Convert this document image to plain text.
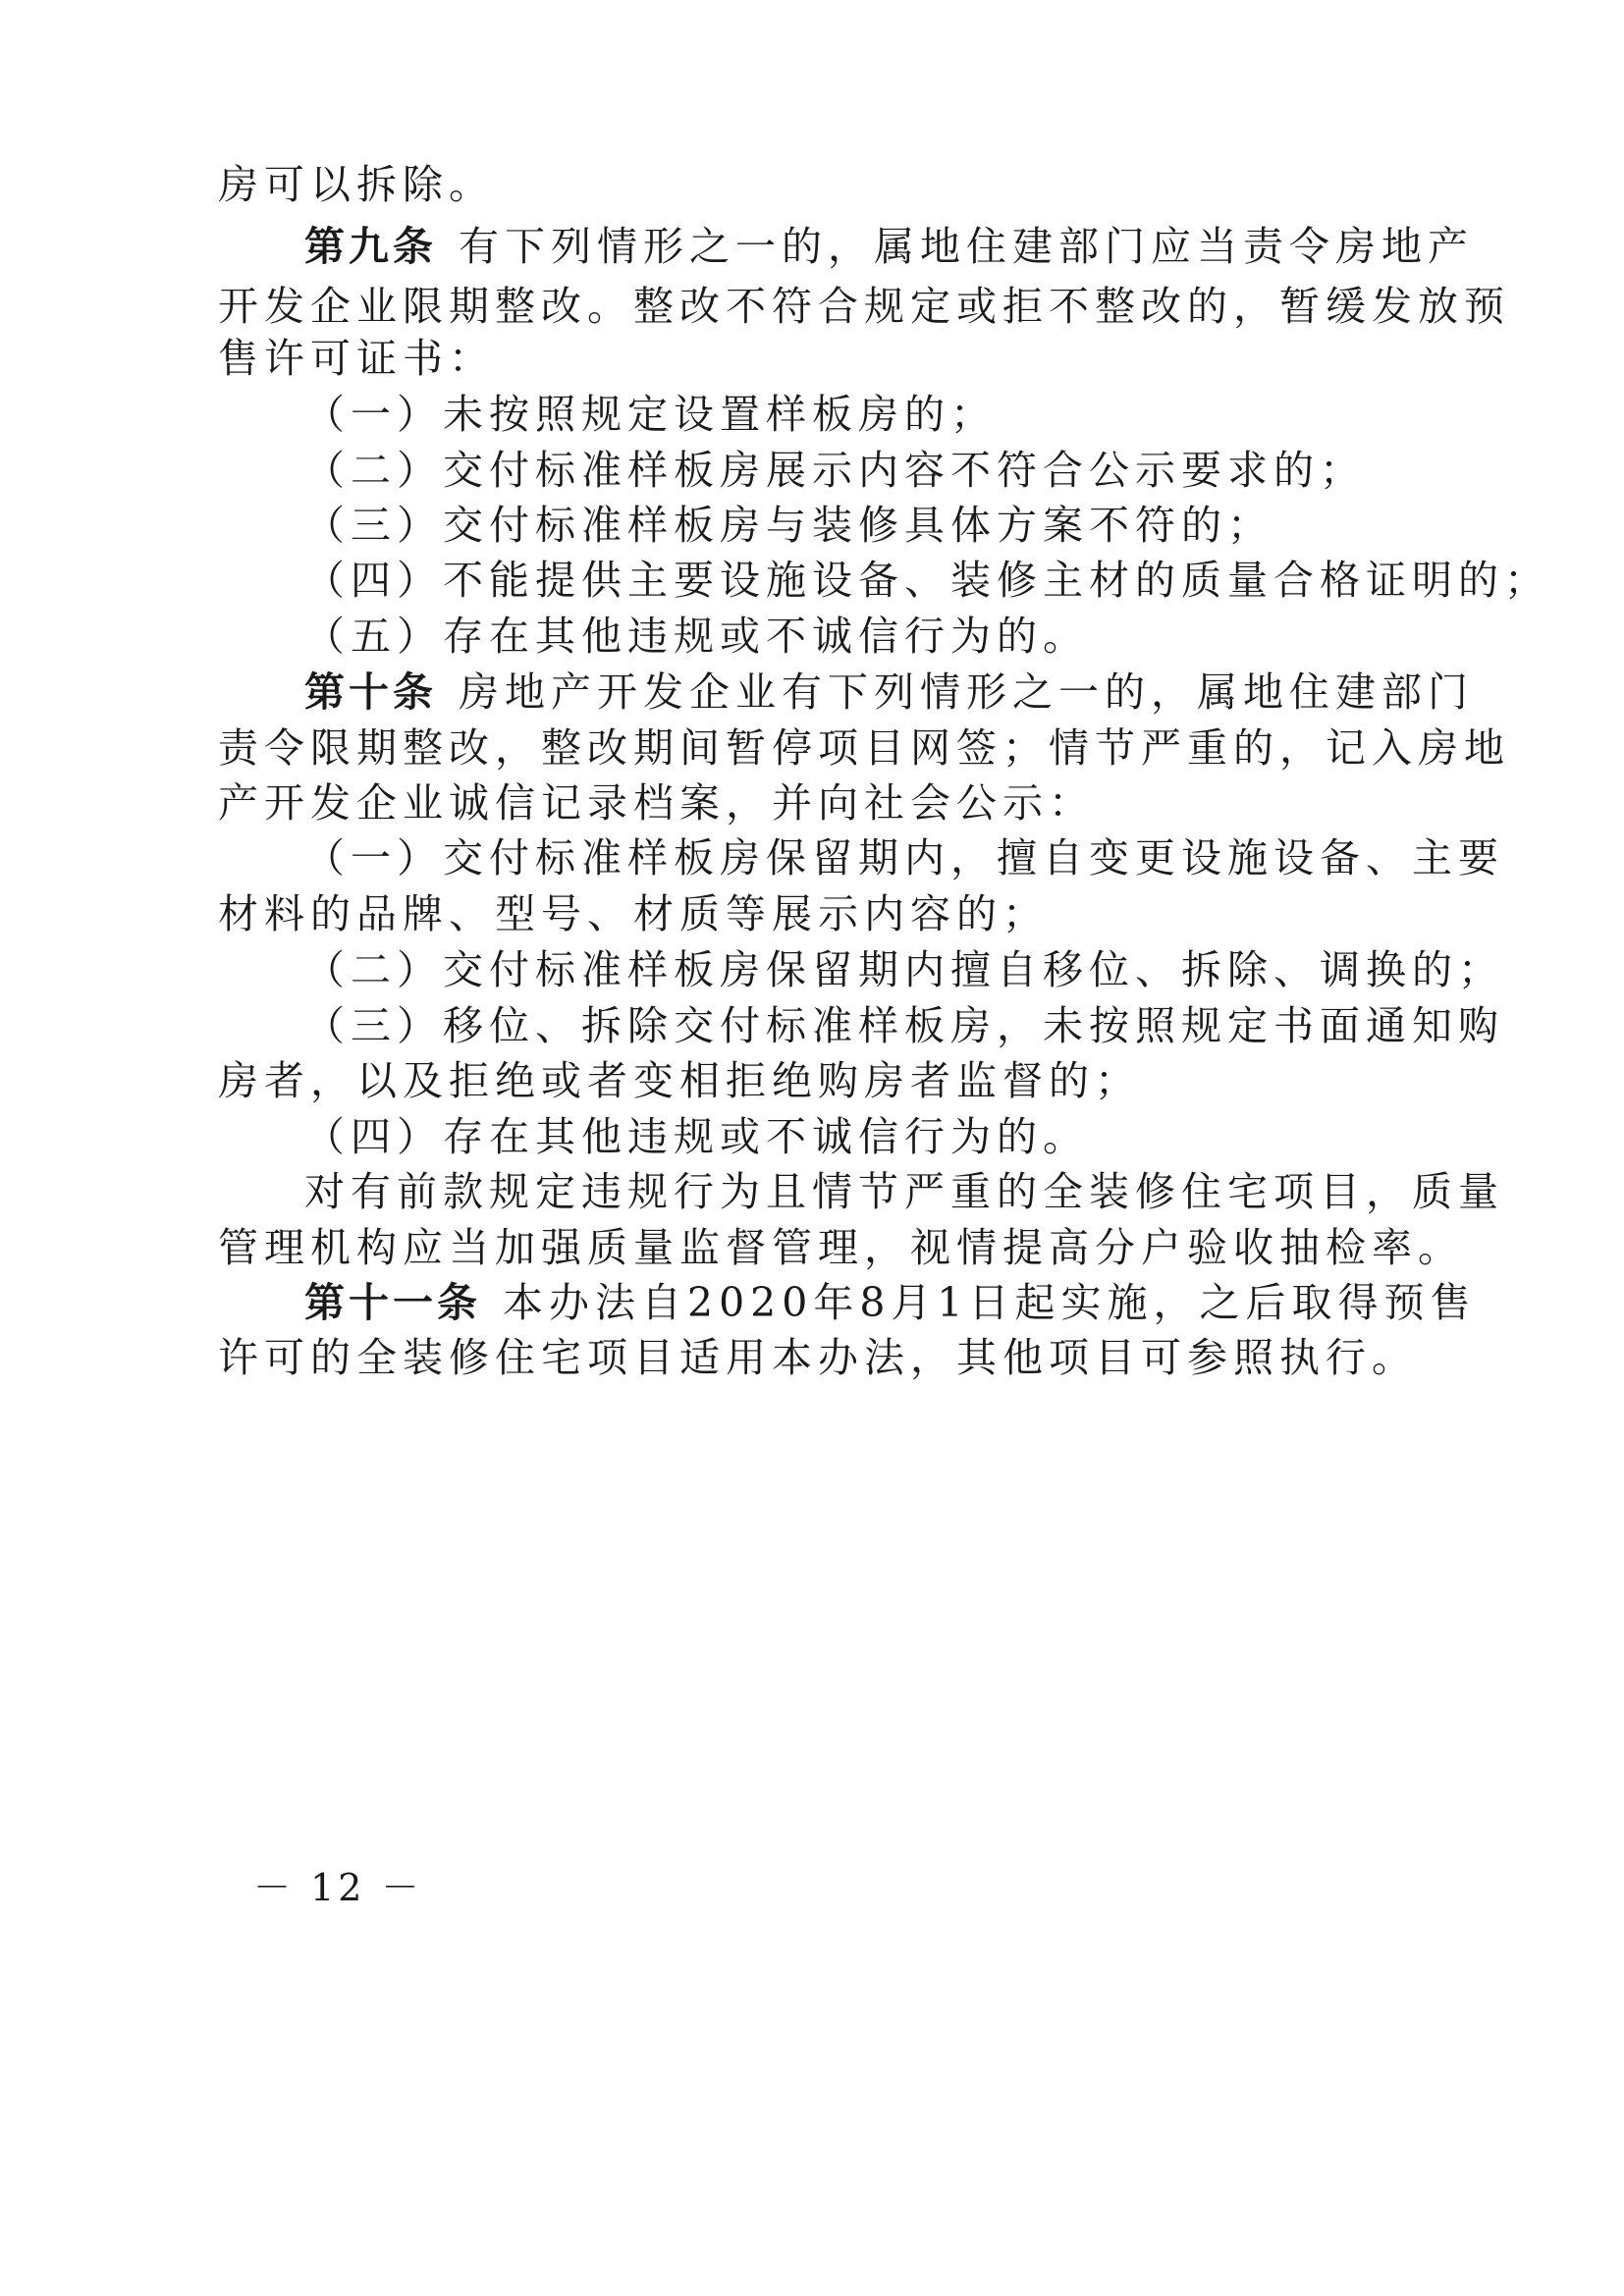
房可以拆除。
第九条 有下列情形之一的，属地住建部门应当责令房地产
开发企业限期整改。整改不符合规定或拒不整改的，暂缓发放预
售许可证书：
（一）未按照规定设置样板房的；
（二）交付标准样板房展示内容不符合公示要求的；
（三）交付标准样板房与装修具体方案不符的；
（四）不能提供主要设施设备、装修主材的质量合格证明的；
（五）存在其他违规或不诚信行为的。
第十条 房地产开发企业有下列情形之一的，属地住建部门
责令限期整改，整改期间暂停项目网签；情节严重的，记入房地
产开发企业诚信记录档案，并向社会公示：
（一）交付标准样板房保留期内，擅自变更设施设备、主要
材料的品牌、型号、材质等展示内容的；
（二）交付标准样板房保留期内擅自移位、拆除、调换的；
（三）移位、拆除交付标准样板房，未按照规定书面通知购
房者，以及拒绝或者变相拒绝购房者监督的；
（四）存在其他违规或不诚信行为的。
对有前款规定违规行为且情节严重的全装修住宅项目，质量
管理机构应当加强质量监督管理，视情提高分户验收抽检率。
第十一条 本办法自2020年8月1日起实施，之后取得预售
许可的全装修住宅项目适用本办法，其他项目可参照执行。
－ 12 －
